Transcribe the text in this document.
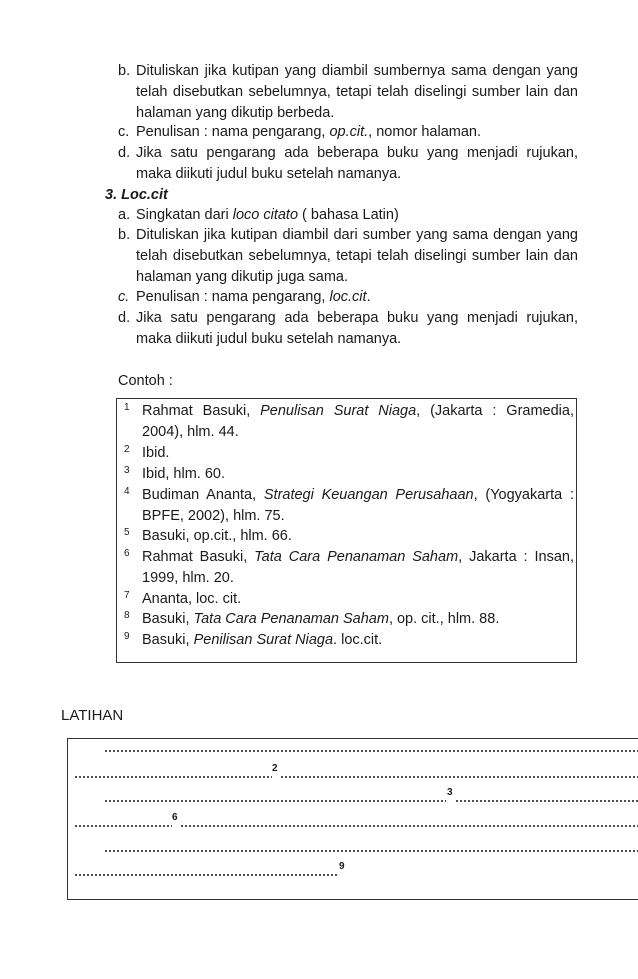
b. Dituliskan jika kutipan yang diambil sumbernya sama dengan yang telah disebutkan sebelumnya, tetapi telah diselingi sumber lain dan halaman yang dikutip berbeda.
c. Penulisan : nama pengarang, op.cit., nomor halaman.
d. Jika satu pengarang ada beberapa buku yang menjadi rujukan, maka diikuti judul buku setelah namanya.
3. Loc.cit
a. Singkatan dari loco citato ( bahasa Latin)
b. Dituliskan jika kutipan diambil dari sumber yang sama dengan yang telah disebutkan sebelumnya, tetapi telah diselingi sumber lain dan halaman yang dikutip juga sama.
c. Penulisan : nama pengarang, loc.cit.
d. Jika satu pengarang ada beberapa buku yang menjadi rujukan, maka diikuti judul buku setelah namanya.
Contoh :
1 Rahmat Basuki, Penulisan Surat Niaga, (Jakarta : Gramedia, 2004), hlm. 44.
2 Ibid.
3 Ibid, hlm. 60.
4 Budiman Ananta, Strategi Keuangan Perusahaan, (Yogyakarta : BPFE, 2002), hlm. 75.
5 Basuki, op.cit., hlm. 66.
6 Rahmat Basuki, Tata Cara Penanaman Saham, Jakarta : Insan, 1999, hlm. 20.
7 Ananta, loc. cit.
8 Basuki, Tata Cara Penanaman Saham, op. cit., hlm. 88.
9 Basuki, Penilisan Surat Niaga. loc.cit.
LATIHAN
2
3
6
9
